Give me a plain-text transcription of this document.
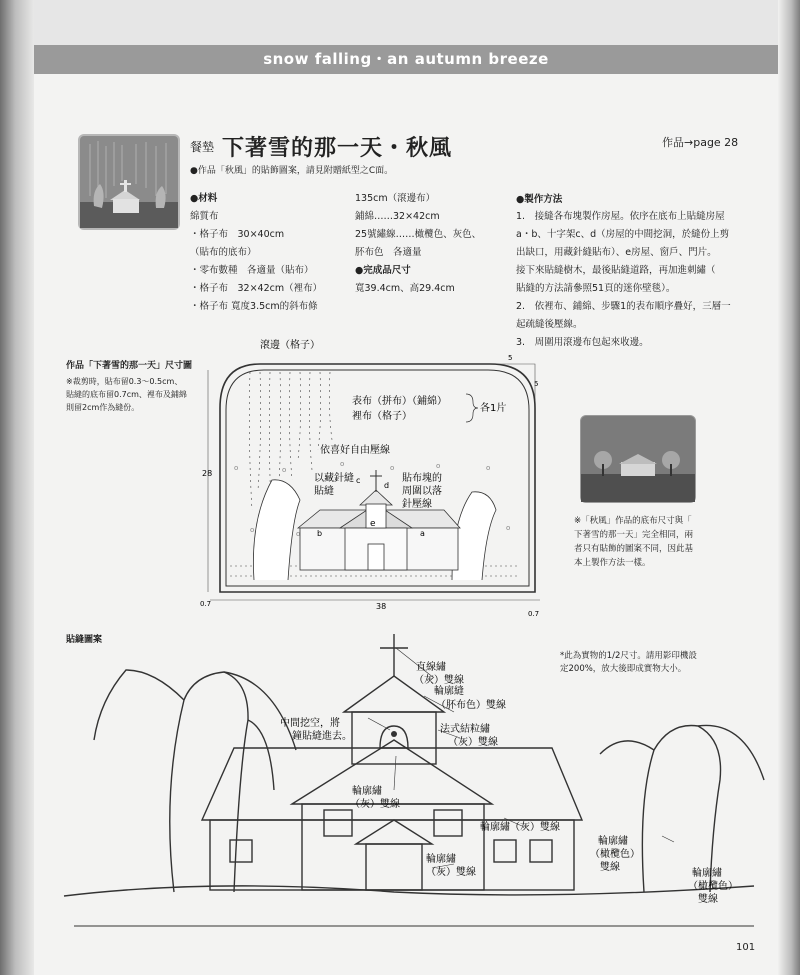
snow falling・an autumn breeze
餐墊 下著雪的那一天・秋風	作品→page 28
●作品「秋風」的貼飾圖案，請見附贈紙型之C面。
●材料
綿質布
・格子布　30×40cm
（貼布的底布）
・零布數種　各適量（貼布）
・格子布　32×42cm（裡布）
・格子布 寬度3.5cm的斜布條
135cm（滾邊布）
鋪綿……32×42cm
25號繡線……橄欖色、灰色、
肧布色　各適量
●完成品尺寸
寬39.4cm、高29.4cm
●製作方法
1.　接縫各布塊製作房屋。依序在底布上貼縫房屋
a・b、十字架c、d（房屋的中間挖洞，於縫份上剪
出缺口，用藏針縫貼布）、e房屋、窗戶、門片。
接下來貼縫樹木，最後貼縫道路，再加進刺繡（
貼縫的方法請參照51頁的迷你壁毯）。
2.　依裡布、鋪綿、步驟1的表布順序疊好，三層一
起疏縫後壓線。
3.　周圍用滾邊布包起來收邊。
作品「下著雪的那一天」尺寸圖
※裁剪時，貼布留0.3～0.5cm、
貼縫的底布留0.7cm、裡布及鋪綿
則留2cm作為縫份。
28
38
0.7
0.7
5
5
o	o
o	o	o	o
o	o
o
c
d
e
b	a
滾邊（格子）
表布（拼布）（鋪綿）
裡布（格子）
各1片
依喜好自由壓線
以藏針縫
貼縫
貼布塊的
周圍以落
針壓線
※「秋風」作品的底布尺寸與「
下著雪的那一天」完全相同，兩
者只有貼飾的圖案不同，因此基
本上製作方法一樣。
貼縫圖案
*此為實物的1/2尺寸。請用影印機設
定200%，放大後即成實物大小。
直線繡
（灰）雙線
輪廓縫
（肧布色）雙線
中間挖空，將
鐘貼縫進去。
法式結粒繡
（灰）雙線
輪廓繡
（灰）雙線
輪廓繡（灰）雙線
輪廓繡
（灰）雙線
輪廓繡
（橄欖色）
雙線
輪廓繡
（橄欖色）
雙線
101
